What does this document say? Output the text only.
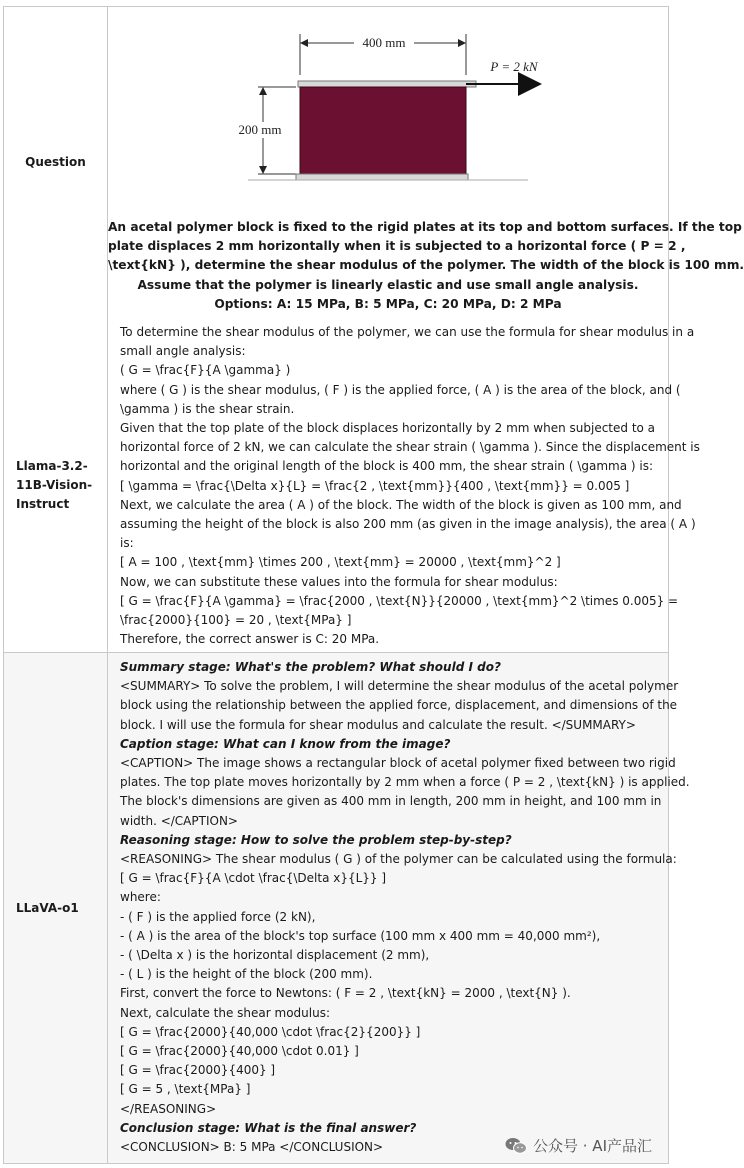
Question
400 mm
200 mm
P = 2 kN
An acetal polymer block is fixed to the rigid plates at its top and bottom surfaces. If the top
plate displaces 2 mm horizontally when it is subjected to a horizontal force ( P = 2 ,
\text{kN} ), determine the shear modulus of the polymer. The width of the block is 100 mm.
Assume that the polymer is linearly elastic and use small angle analysis.
Options: A: 15 MPa, B: 5 MPa, C: 20 MPa, D: 2 MPa
Llama-3.2-11B-Vision-Instruct
To determine the shear modulus of the polymer, we can use the formula for shear modulus in a
small angle analysis:
( G = \frac{F}{A \gamma} )
where ( G ) is the shear modulus, ( F ) is the applied force, ( A ) is the area of the block, and (
\gamma ) is the shear strain.
Given that the top plate of the block displaces horizontally by 2 mm when subjected to a
horizontal force of 2 kN, we can calculate the shear strain ( \gamma ). Since the displacement is
horizontal and the original length of the block is 400 mm, the shear strain ( \gamma ) is:
[ \gamma = \frac{\Delta x}{L} = \frac{2 , \text{mm}}{400 , \text{mm}} = 0.005 ]
Next, we calculate the area ( A ) of the block. The width of the block is given as 100 mm, and
assuming the height of the block is also 200 mm (as given in the image analysis), the area ( A )
is:
[ A = 100 , \text{mm} \times 200 , \text{mm} = 20000 , \text{mm}^2 ]
Now, we can substitute these values into the formula for shear modulus:
[ G = \frac{F}{A \gamma} = \frac{2000 , \text{N}}{20000 , \text{mm}^2 \times 0.005} =
\frac{2000}{100} = 20 , \text{MPa} ]
Therefore, the correct answer is C: 20 MPa.
LLaVA-o1
Summary stage: What's the problem? What should I do?
<SUMMARY> To solve the problem, I will determine the shear modulus of the acetal polymer
block using the relationship between the applied force, displacement, and dimensions of the
block. I will use the formula for shear modulus and calculate the result. </SUMMARY>
Caption stage: What can I know from the image?
<CAPTION> The image shows a rectangular block of acetal polymer fixed between two rigid
plates. The top plate moves horizontally by 2 mm when a force ( P = 2 , \text{kN} ) is applied.
The block's dimensions are given as 400 mm in length, 200 mm in height, and 100 mm in
width. </CAPTION>
Reasoning stage: How to solve the problem step-by-step?
<REASONING> The shear modulus ( G ) of the polymer can be calculated using the formula:
[ G = \frac{F}{A \cdot \frac{\Delta x}{L}} ]
where:
- ( F ) is the applied force (2 kN),
- ( A ) is the area of the block's top surface (100 mm x 400 mm = 40,000 mm²),
- ( \Delta x ) is the horizontal displacement (2 mm),
- ( L ) is the height of the block (200 mm).
First, convert the force to Newtons: ( F = 2 , \text{kN} = 2000 , \text{N} ).
Next, calculate the shear modulus:
[ G = \frac{2000}{40,000 \cdot \frac{2}{200}} ]
[ G = \frac{2000}{40,000 \cdot 0.01} ]
[ G = \frac{2000}{400} ]
[ G = 5 , \text{MPa} ]
</REASONING>
Conclusion stage: What is the final answer?
<CONCLUSION> B: 5 MPa </CONCLUSION>	公众号 · AI产品汇
